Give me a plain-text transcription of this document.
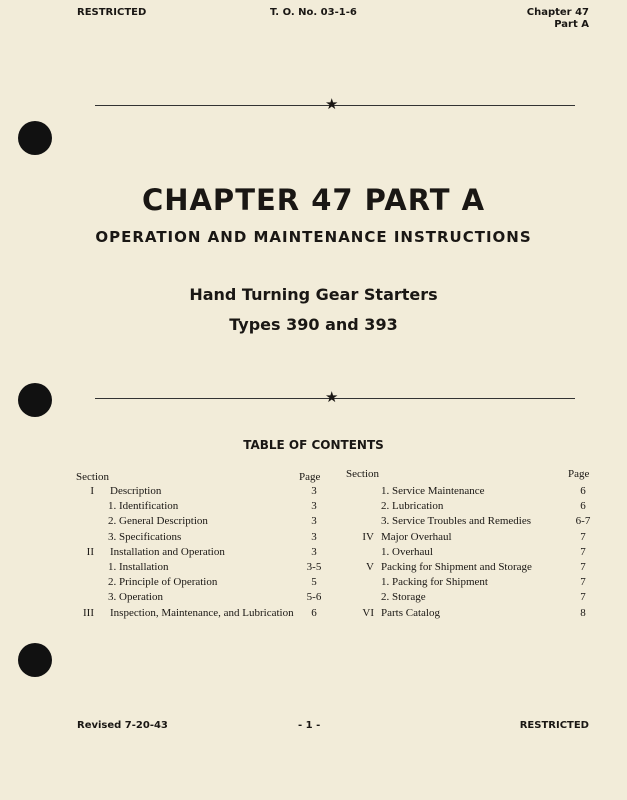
RESTRICTED	T. O. No. 03-1-6	Chapter 47
Part A
★
CHAPTER 47 PART A
OPERATION AND MAINTENANCE INSTRUCTIONS
Hand Turning Gear Starters
Types 390 and 393
★
TABLE OF CONTENTS
Section	Page Section	Page
I Description	3
1. Identification	3
2. General Description	3
3. Specifications	3
II Installation and Operation	3
1. Installation	3-5
2. Principle of Operation	5
3. Operation	5-6
III Inspection, Maintenance, and Lubrication	6
1. Service Maintenance	6
2. Lubrication	6
3. Service Troubles and Remedies	6-7
IV Major Overhaul	7
1. Overhaul	7
V Packing for Shipment and Storage	7
1. Packing for Shipment	7
2. Storage	7
VI Parts Catalog	8
Revised 7-20-43	- 1 -	RESTRICTED
